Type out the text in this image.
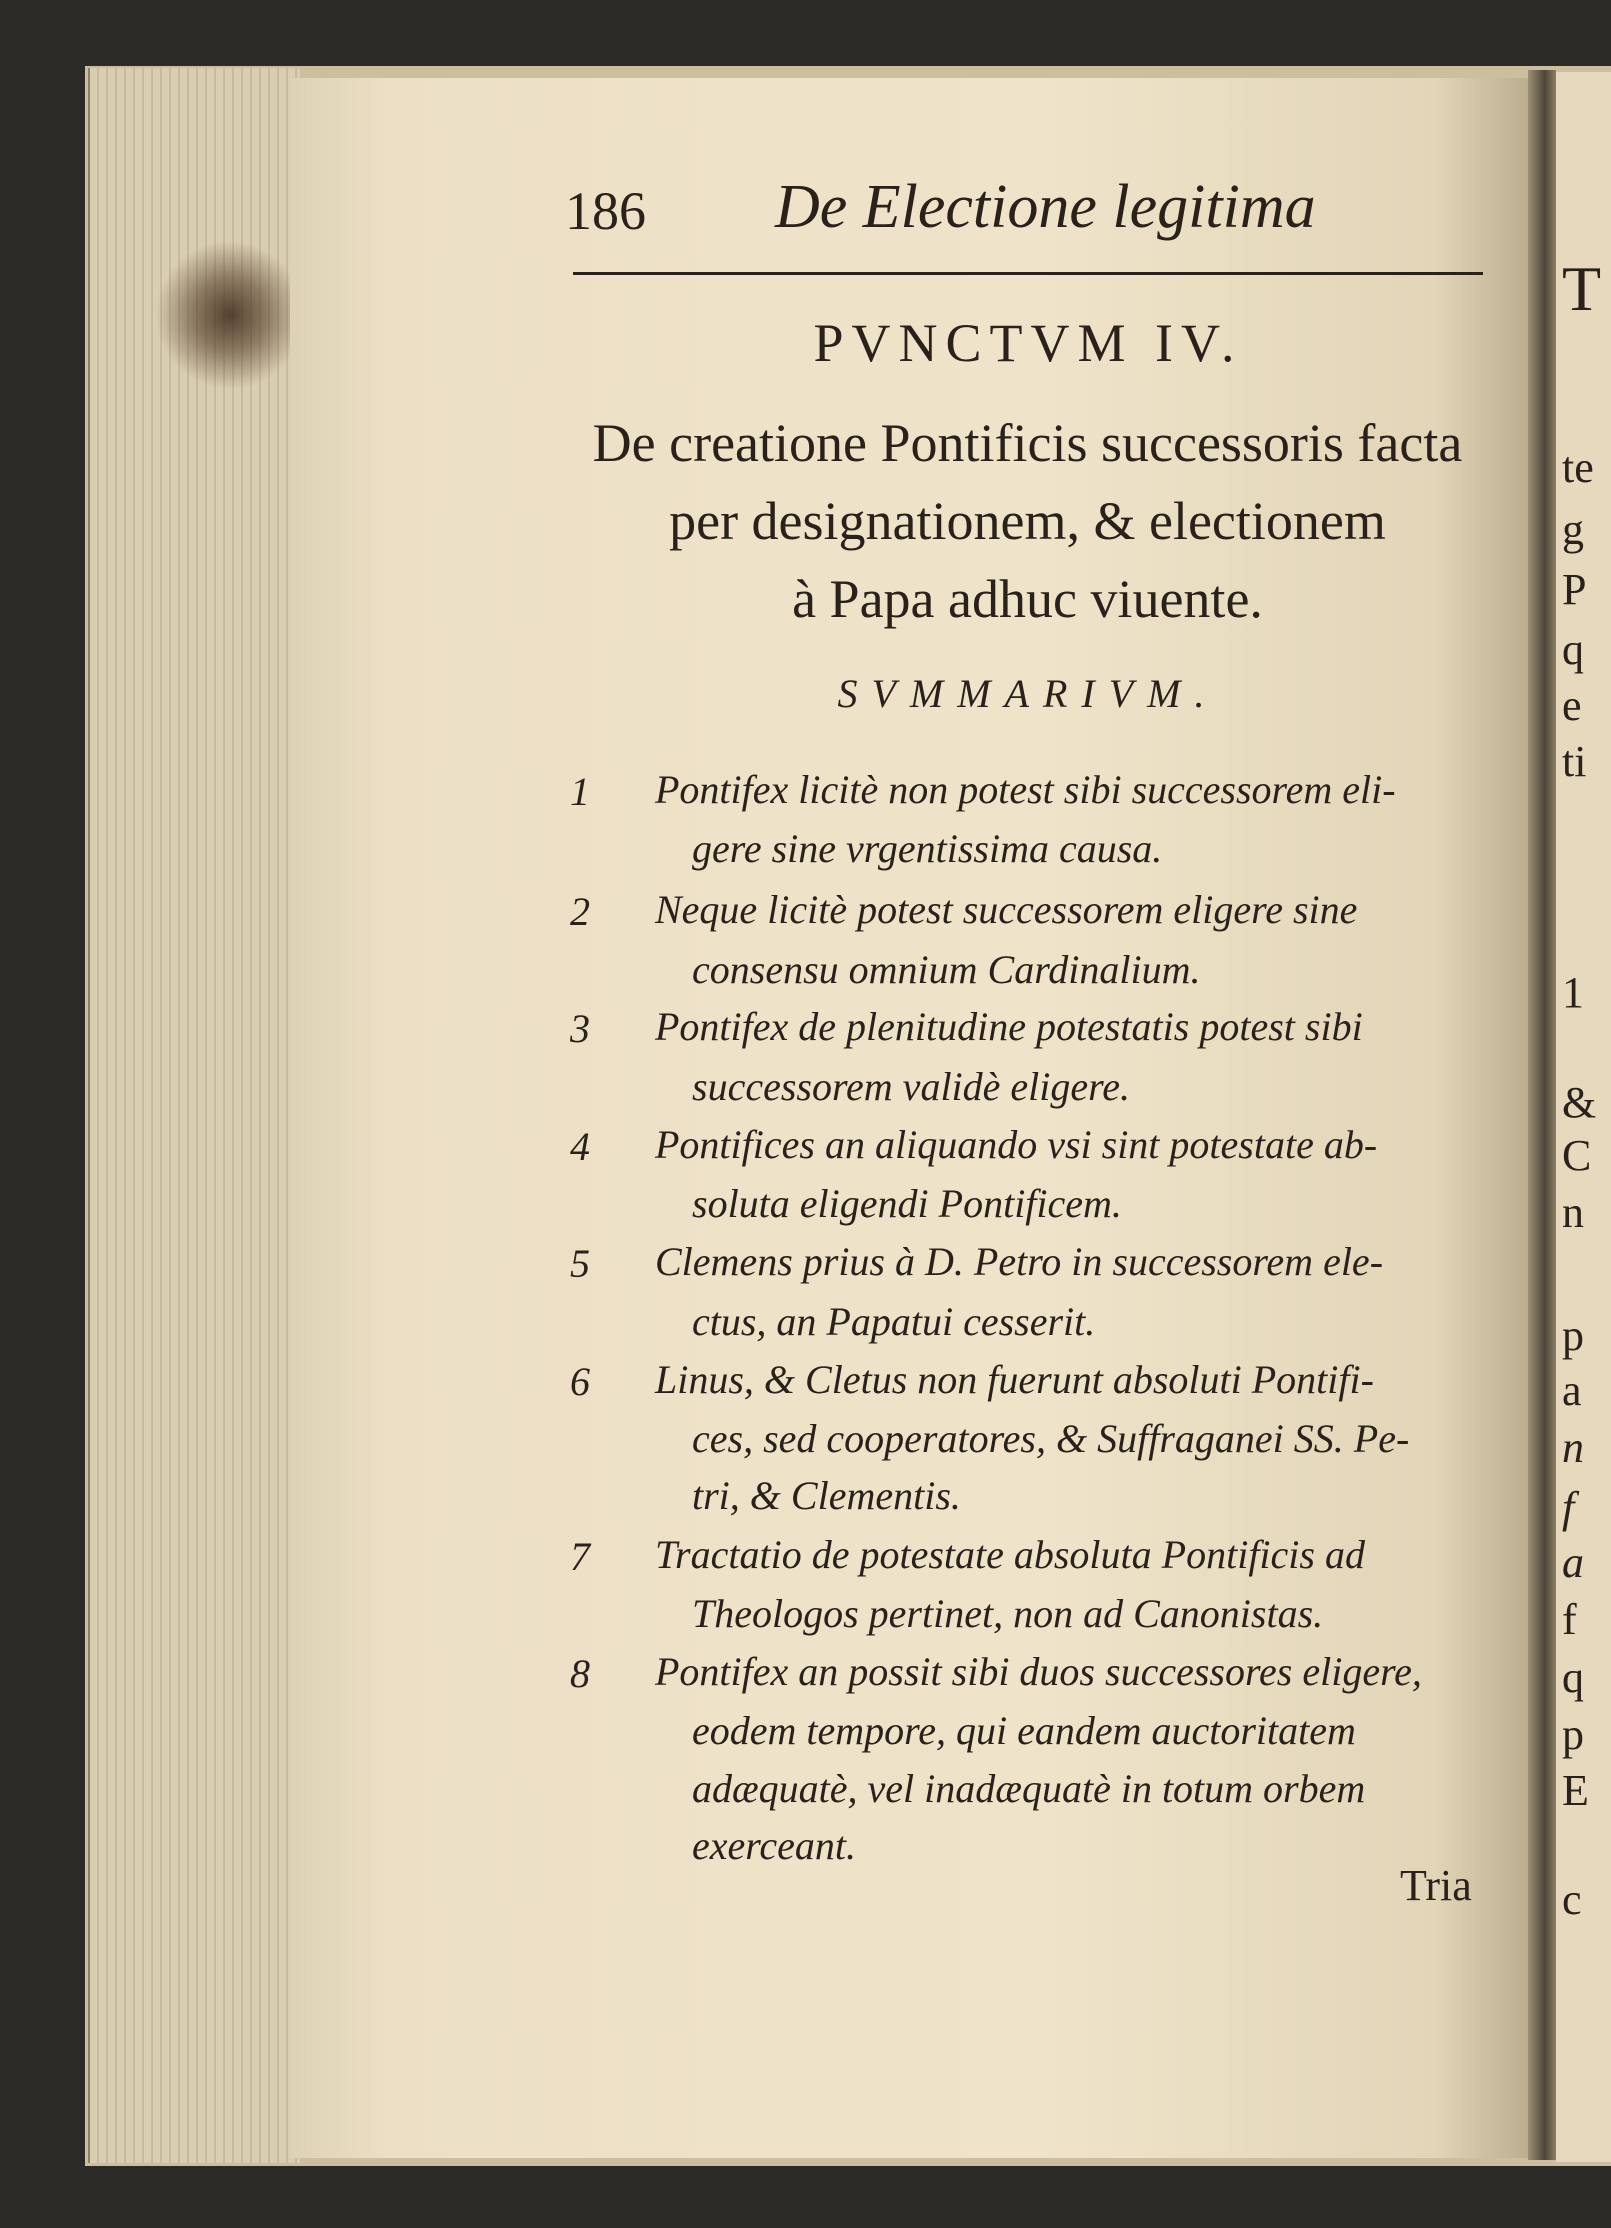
T
te
g
P
q
e
ti
1
&
C
n
p
a
n
f
a
f
q
p
E
c
186 De Electione legitima
PVNCTVM IV.
De creatione Pontificis successoris facta
per designationem, & electionem
à Papa adhuc viuente.
SVMMARIVM.
1 Pontifex licitè non potest sibi successorem eli-
gere sine vrgentissima causa.
2 Neque licitè potest successorem eligere sine
consensu omnium Cardinalium.
3 Pontifex de plenitudine potestatis potest sibi
successorem validè eligere.
4 Pontifices an aliquando vsi sint potestate ab-
soluta eligendi Pontificem.
5 Clemens prius à D. Petro in successorem ele-
ctus, an Papatui cesserit.
6 Linus, & Cletus non fuerunt absoluti Pontifi-
ces, sed cooperatores, & Suffraganei SS. Pe-
tri, & Clementis.
7 Tractatio de potestate absoluta Pontificis ad
Theologos pertinet, non ad Canonistas.
8 Pontifex an possit sibi duos successores eligere,
eodem tempore, qui eandem auctoritatem
adæquatè, vel inadæquatè in totum orbem
exerceant.
Tria
